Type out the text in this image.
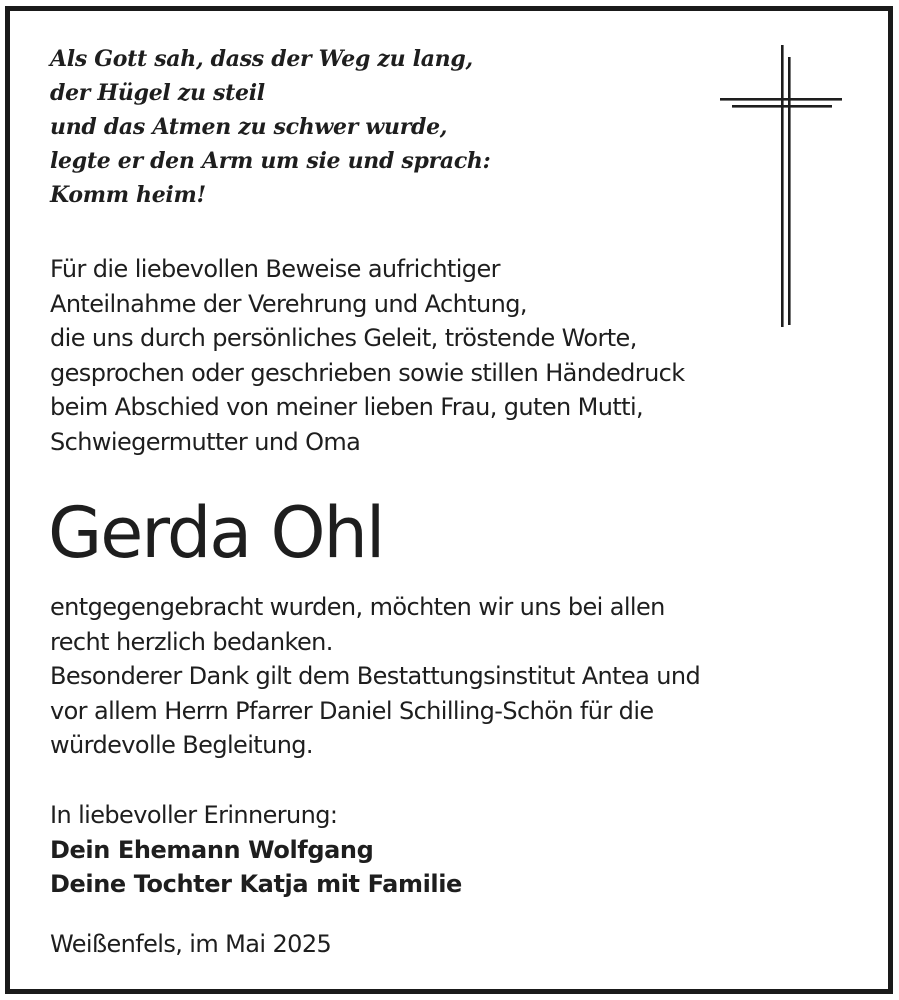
Als Gott sah, dass der Weg zu lang,
der Hügel zu steil
und das Atmen zu schwer wurde,
legte er den Arm um sie und sprach:
Komm heim!
Für die liebevollen Beweise aufrichtiger
Anteilnahme der Verehrung und Achtung,
die uns durch persönliches Geleit, tröstende Worte,
gesprochen oder geschrieben sowie stillen Händedruck
beim Abschied von meiner lieben Frau, guten Mutti,
Schwiegermutter und Oma
Gerda Ohl
entgegengebracht wurden, möchten wir uns bei allen
recht herzlich bedanken.
Besonderer Dank gilt dem Bestattungsinstitut Antea und
vor allem Herrn Pfarrer Daniel Schilling-Schön für die
würdevolle Begleitung.
In liebevoller Erinnerung:
Dein Ehemann Wolfgang
Deine Tochter Katja mit Familie
Weißenfels, im Mai 2025
